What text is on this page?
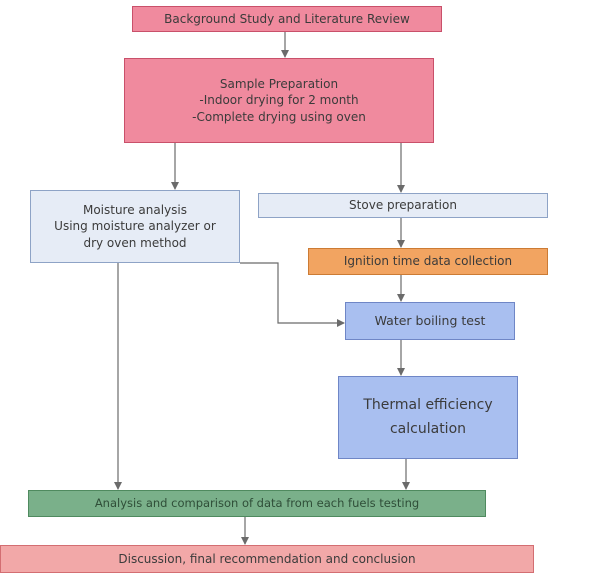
Background Study and Literature Review
Sample Preparation
-Indoor drying for 2 month
-Complete drying using oven
Moisture analysis
Using moisture analyzer or
dry oven method
Stove preparation
Ignition time data collection
Water boiling test
Thermal efficiency
calculation
Analysis and comparison of data from each fuels testing
Discussion, final recommendation and conclusion
